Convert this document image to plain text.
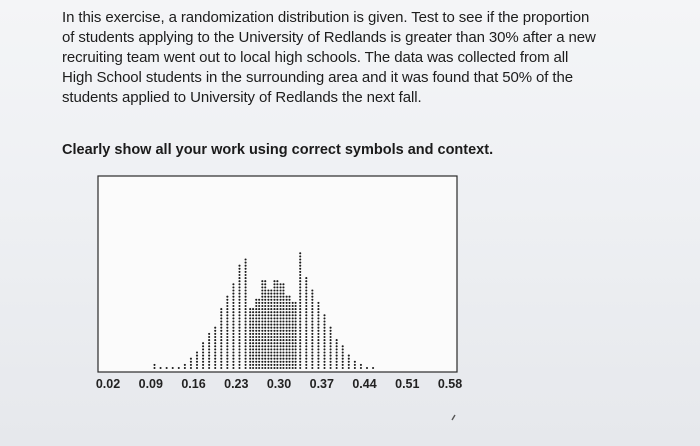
In this exercise, a randomization distribution is given. Test to see if the proportion of students applying to the University of Redlands is greater than 30% after a new recruiting team went out to local high schools. The data was collected from all High School students in the surrounding area and it was found that 50% of the students applied to University of Redlands the next fall.
Clearly show all your work using correct symbols and context.
0.02 0.09 0.16 0.23 0.30 0.37 0.44 0.51 0.58
